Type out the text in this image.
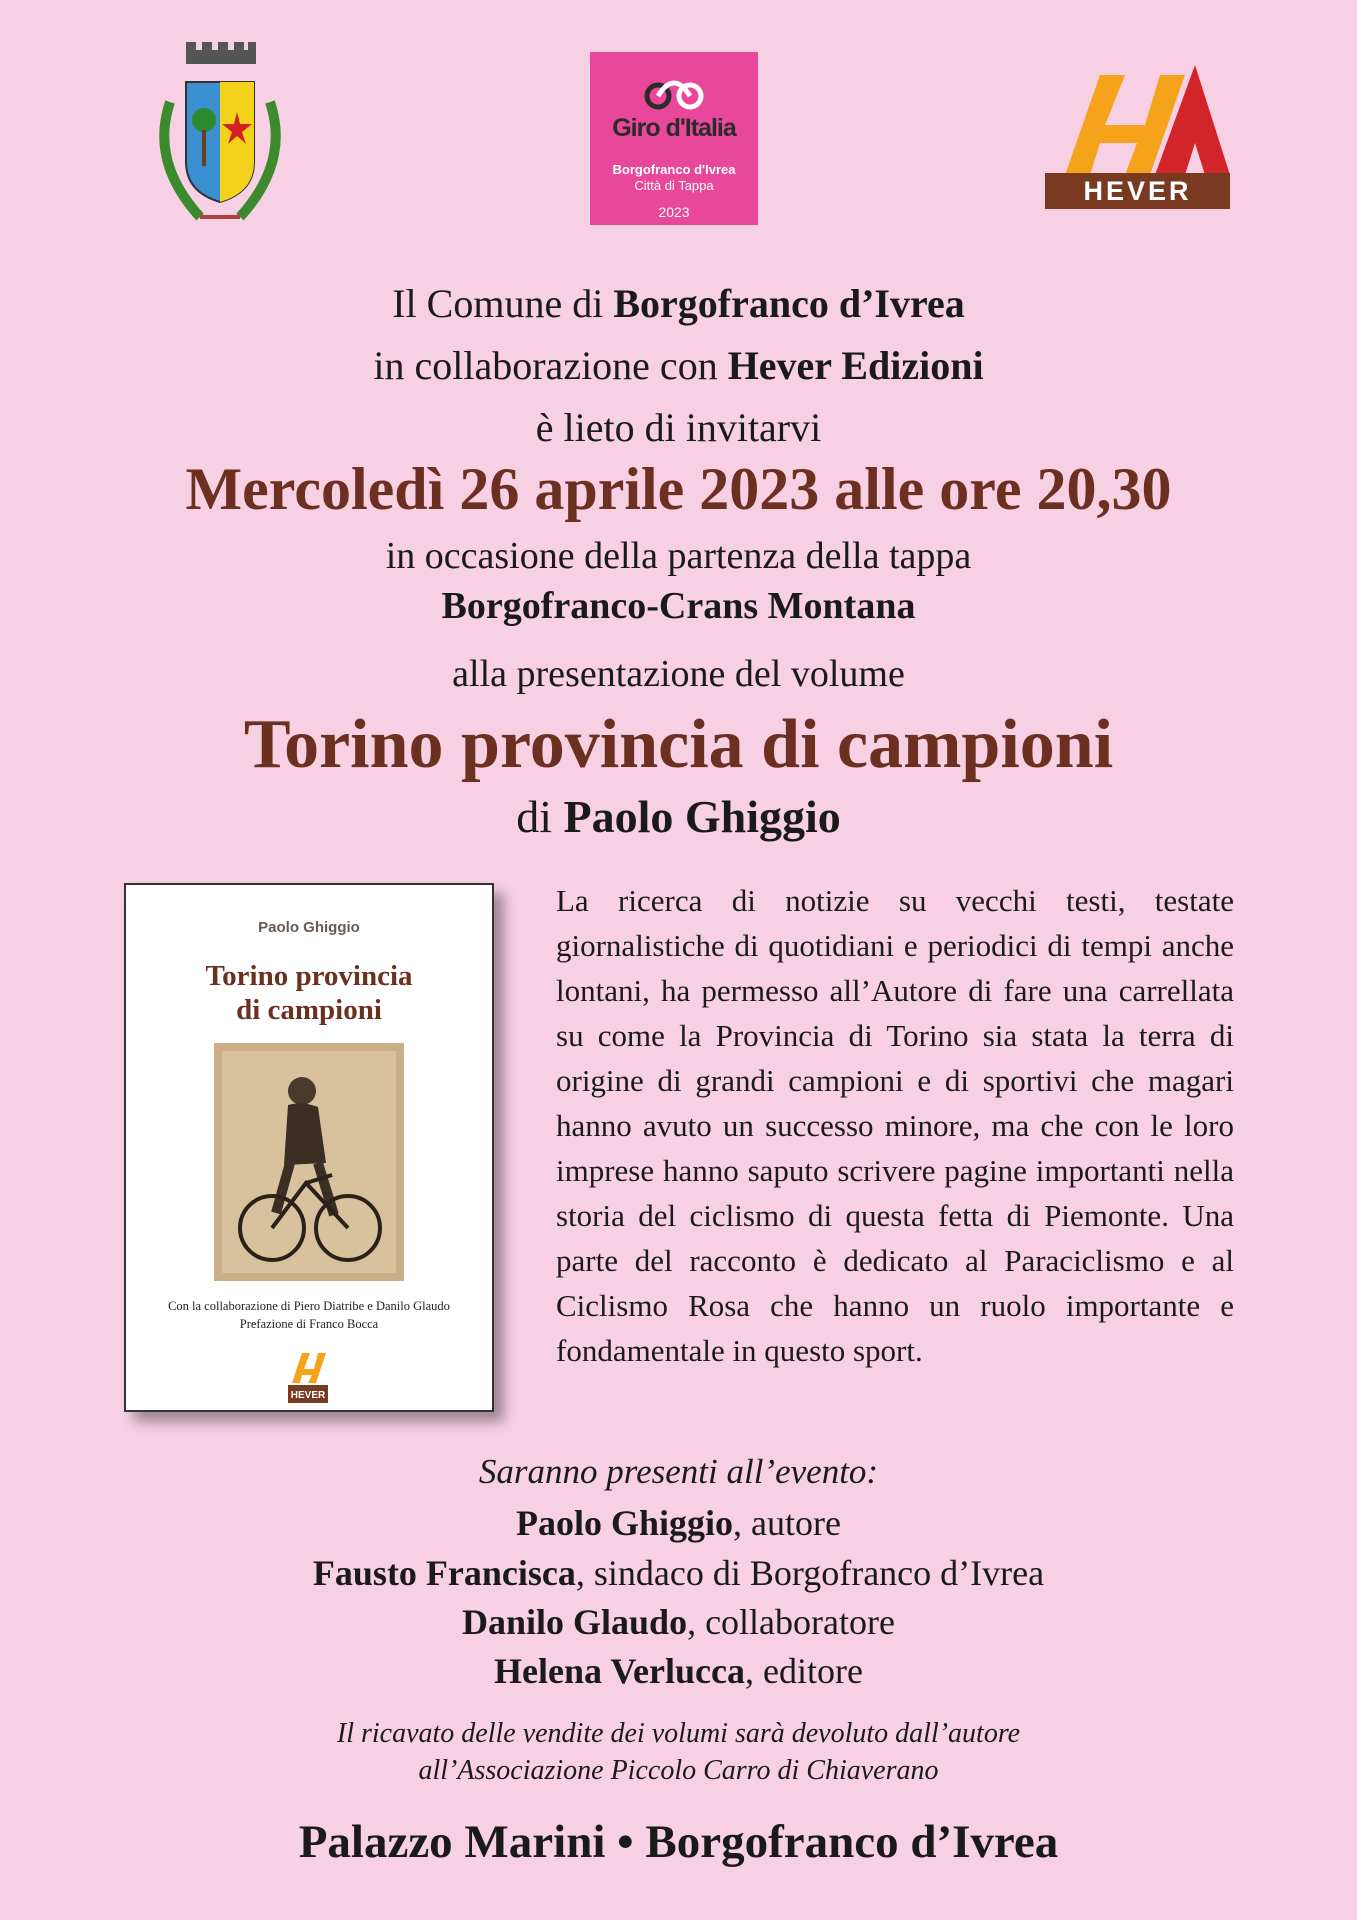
Giro d'Italia
Borgofranco d'Ivrea
Città di Tappa
2023
HEVER
Il Comune di Borgofranco d’Ivrea
in collaborazione con Hever Edizioni
è lieto di invitarvi
Mercoledì 26 aprile 2023 alle ore 20,30
in occasione della partenza della tappa
Borgofranco-Crans Montana
alla presentazione del volume
Torino provincia di campioni
di Paolo Ghiggio
Paolo Ghiggio
Torino provincia
di campioni
Con la collaborazione di Piero Diatribe e Danilo Glaudo
Prefazione di Franco Bocca
HEVER
La ricerca di notizie su vecchi testi, testate giornalistiche di quotidiani e periodici di tempi anche lontani, ha permesso all’Autore di fare una carrellata su come la Provincia di Torino sia stata la terra di origine di grandi campioni e di sportivi che magari hanno avuto un successo minore, ma che con le loro imprese hanno saputo scrivere pagine importanti nella storia del ciclismo di questa fetta di Piemonte. Una parte del racconto è dedicato al Paraciclismo e al Ciclismo Rosa che hanno un ruolo importante e fondamentale in questo sport.
Saranno presenti all’evento:
Paolo Ghiggio, autore
Fausto Francisca, sindaco di Borgofranco d’Ivrea
Danilo Glaudo, collaboratore
Helena Verlucca, editore
Il ricavato delle vendite dei volumi sarà devoluto dall’autore
all’Associazione Piccolo Carro di Chiaverano
Palazzo Marini • Borgofranco d’Ivrea
